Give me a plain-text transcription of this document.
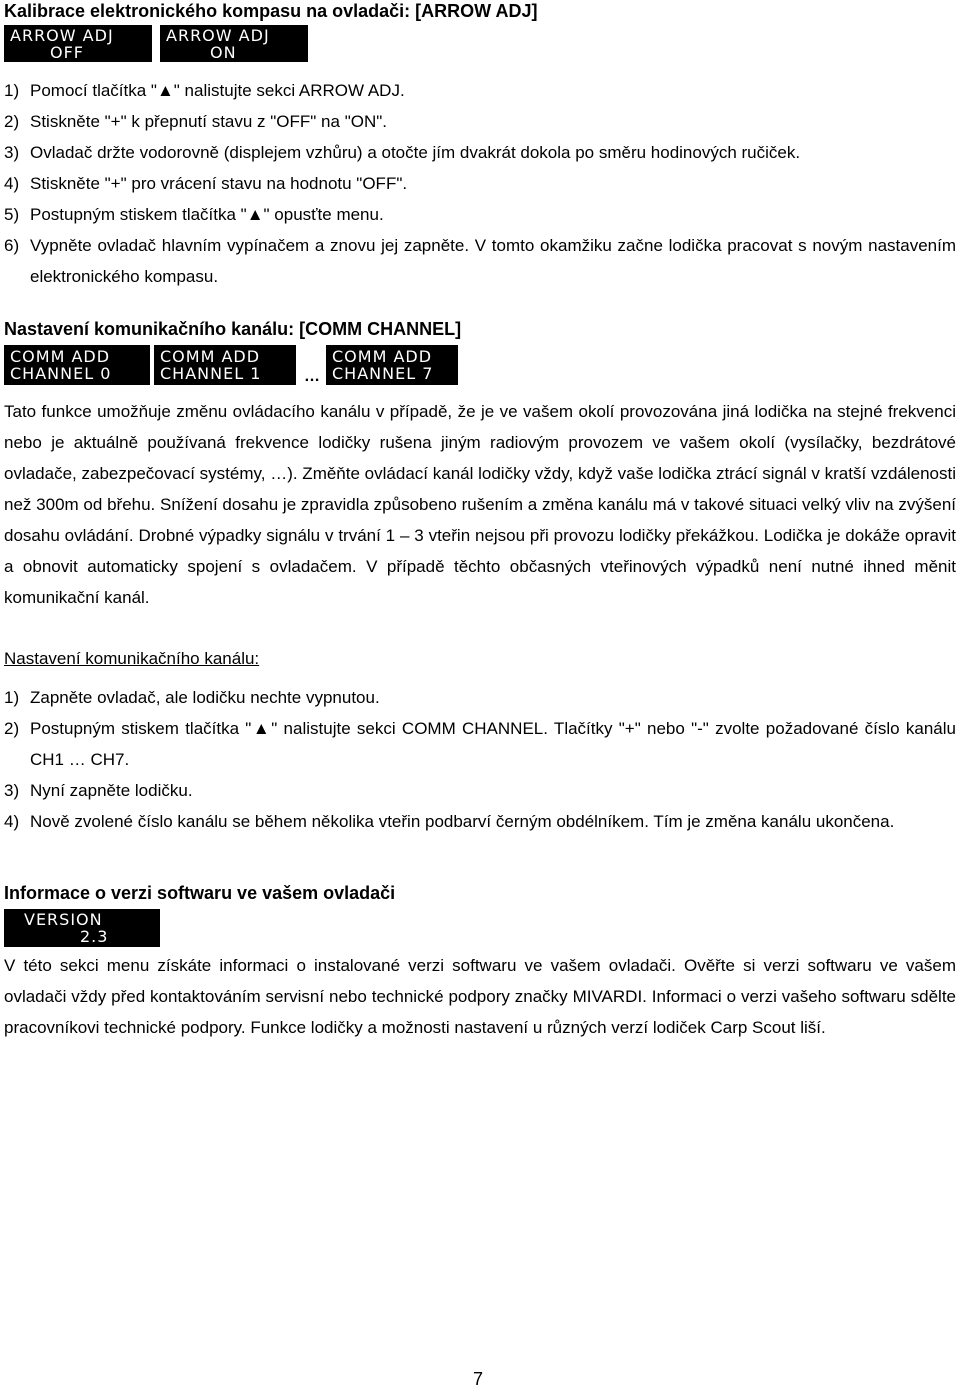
Kalibrace elektronického kompasu na ovladači: [ARROW ADJ]
ARROW ADJ
OFF
ARROW ADJ
ON
1) Pomocí tlačítka "▲" nalistujte sekci ARROW ADJ.
2) Stiskněte "+" k přepnutí stavu z "OFF" na "ON".
3) Ovladač držte vodorovně (displejem vzhůru) a otočte jím dvakrát dokola po směru hodinových ručiček.
4) Stiskněte "+" pro vrácení stavu na hodnotu "OFF".
5) Postupným stiskem tlačítka "▲" opusťte menu.
6) Vypněte ovladač hlavním vypínačem a znovu jej zapněte. V tomto okamžiku začne lodička pracovat s novým nastavením elektronického kompasu.
Nastavení komunikačního kanálu: [COMM CHANNEL]
COMM ADD
CHANNEL 0
COMM ADD
CHANNEL 1	…
COMM ADD
CHANNEL 7

Tato funkce umožňuje změnu ovládacího kanálu v případě, že je ve vašem okolí provozována jiná lodička na stejné frekvenci nebo je aktuálně používaná frekvence lodičky rušena jiným radiovým provozem ve vašem okolí (vysílačky, bezdrátové ovladače, zabezpečovací systémy, …). Změňte ovládací kanál lodičky vždy, když vaše lodička ztrácí signál v kratší vzdálenosti než 300m od břehu. Snížení dosahu je zpravidla způsobeno rušením a změna kanálu má v takové situaci velký vliv na zvýšení dosahu ovládání. Drobné výpadky signálu v trvání 1 – 3 vteřin nejsou při provozu lodičky překážkou. Lodička je dokáže opravit a obnovit automaticky spojení s ovladačem. V případě těchto občasných vteřinových výpadků není nutné ihned měnit komunikační kanál.

Nastavení komunikačního kanálu:
1) Zapněte ovladač, ale lodičku nechte vypnutou.
2) Postupným stiskem tlačítka "▲" nalistujte sekci COMM CHANNEL. Tlačítky "+" nebo "-" zvolte požadované číslo kanálu CH1 … CH7.
3) Nyní zapněte lodičku.
4) Nově zvolené číslo kanálu se během několika vteřin podbarví černým obdélníkem. Tím je změna kanálu ukončena.
Informace o verzi softwaru ve vašem ovladači
VERSION
2.3

V této sekci menu získáte informaci o instalované verzi softwaru ve vašem ovladači. Ověřte si verzi softwaru ve vašem ovladači vždy před kontaktováním servisní nebo technické podpory značky MIVARDI. Informaci o verzi vašeho softwaru sdělte pracovníkovi technické podpory. Funkce lodičky a možnosti nastavení u různých verzí lodiček Carp Scout liší.

7
